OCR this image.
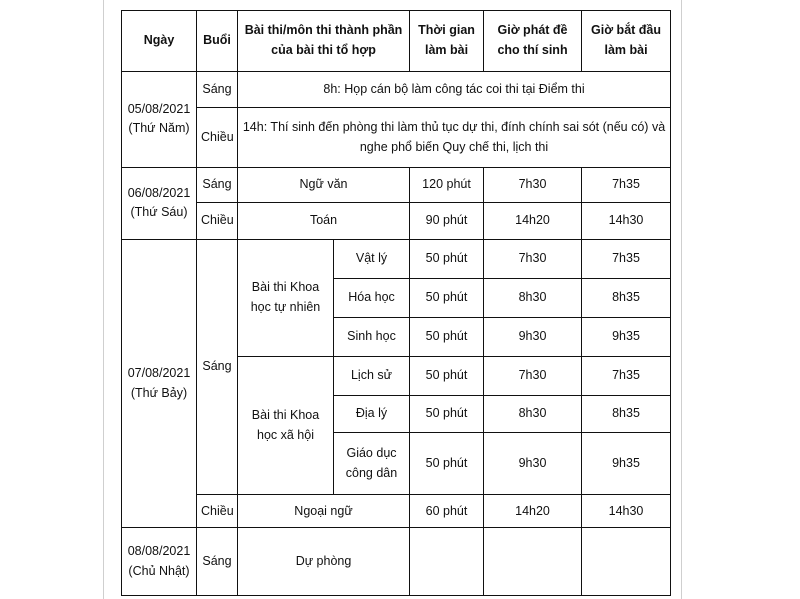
Ngày	Buổi	Bài thi/môn thi thành phần của bài thi tổ hợp		Thời gian làm bài	Giờ phát đề cho thí sinh	Giờ bắt đầu làm bài

05/08/2021
(Thứ Năm)	Sáng	8h: Họp cán bộ làm công tác coi thi tại Điểm thi				
	Chiều	14h: Thí sinh đến phòng thi làm thủ tục dự thi, đính chính sai sót (nếu có) và nghe phổ biến Quy chế thi, lịch thi				

06/08/2021
(Thứ Sáu)	Sáng	Ngữ văn		120 phút	7h30	7h35
	Chiều	Toán		90 phút	14h20	14h30

07/08/2021
(Thứ Bảy)	Sáng	Bài thi Khoa học tự nhiên	Vật lý	50 phút	7h30	7h35
			Hóa học	50 phút	8h30	8h35
			Sinh học	50 phút	9h30	9h35
		Bài thi Khoa học xã hội	Lịch sử	50 phút	7h30	7h35
			Địa lý	50 phút	8h30	8h35
			Giáo dục công dân	50 phút	9h30	9h35
	Chiều	Ngoại ngữ		60 phút	14h20	14h30

08/08/2021
(Chủ Nhật)	Sáng	Dự phòng				
